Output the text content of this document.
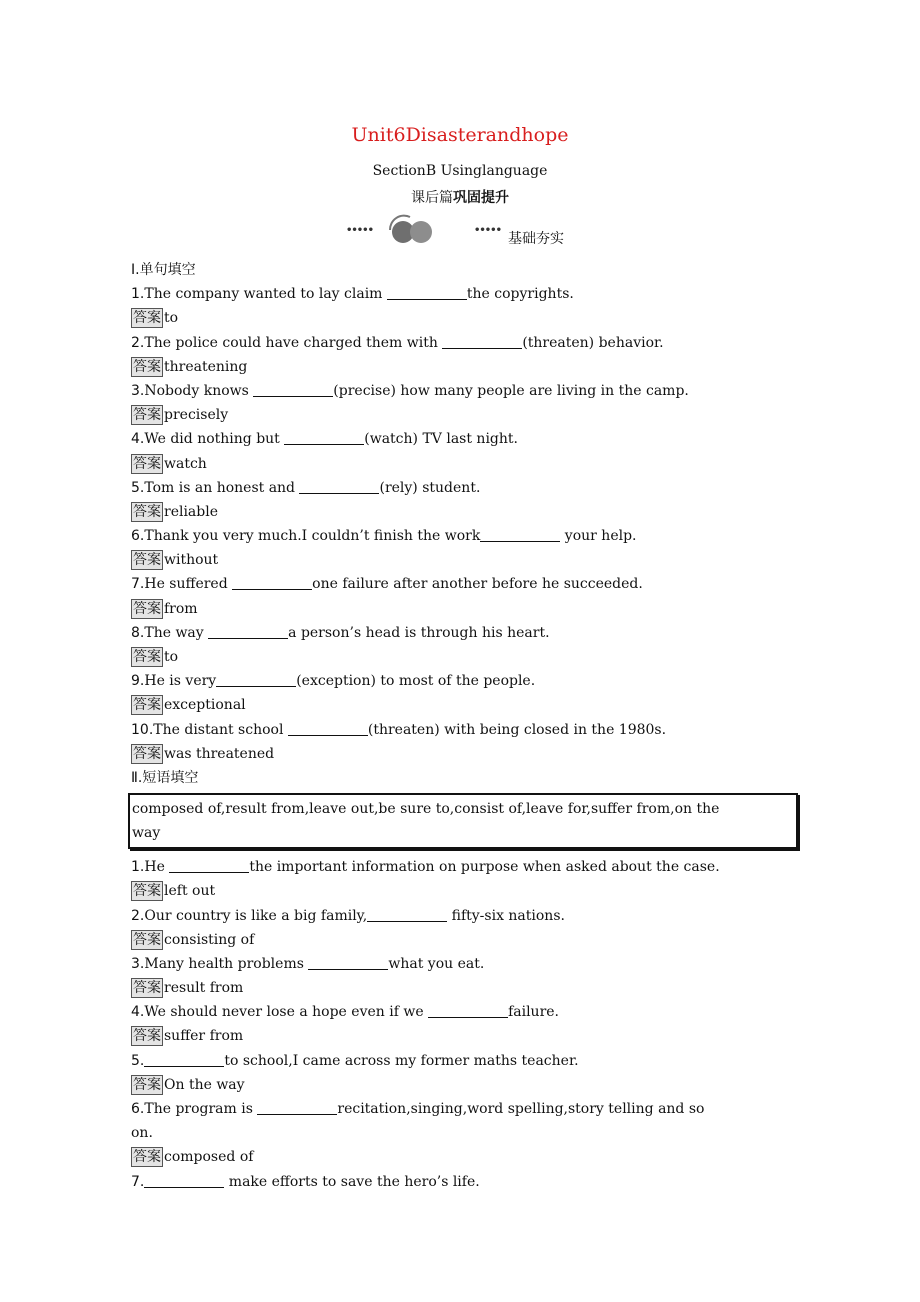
Unit6Disasterandhope
SectionB Usinglanguage
课后篇巩固提升
•••••	•••••
基础夯实
Ⅰ.单句填空
1.The company wanted to lay claim	the copyrights.
答案 to
2.The police could have charged them with	(threaten) behavior.
答案 threatening
3.Nobody knows	(precise) how many people are living in the camp.
答案 precisely
4.We did nothing but	(watch) TV last night.
答案 watch
5.Tom is an honest and	(rely) student.
答案 reliable
6.Thank you very much.I couldn’t finish the work	your help.
答案 without
7.He suffered	one failure after another before he succeeded.
答案 from
8.The way	a person’s head is through his heart.
答案 to
9.He is very	(exception) to most of the people.
答案 exceptional
10.The distant school	(threaten) with being closed in the 1980s.
答案 was threatened
Ⅱ.短语填空
composed of,result from,leave out,be sure to,consist of,leave for,suffer from,on the
way
1.He	the important information on purpose when asked about the case.
答案 left out
2.Our country is like a big family,	fifty-six nations.
答案 consisting of
3.Many health problems	what you eat.
答案 result from
4.We should never lose a hope even if we	failure.
答案 suffer from
5.	to school,I came across my former maths teacher.
答案 On the way
6.The program is	recitation,singing,word spelling,story telling and so
on.
答案 composed of
7.	make efforts to save the hero’s life.
